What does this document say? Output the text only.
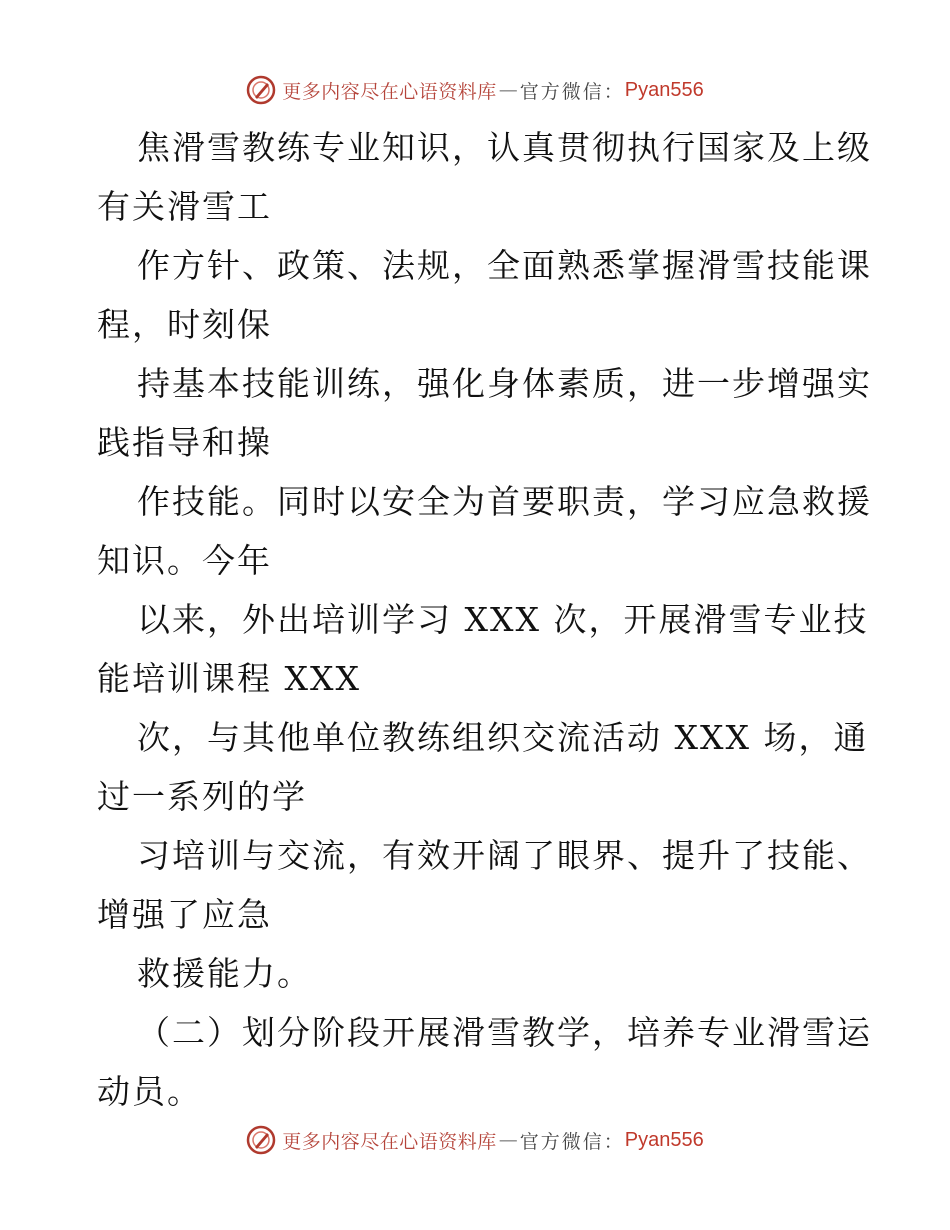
更多内容尽在心语资料库 — 官方微信： Pyan556
焦滑雪教练专业知识，认真贯彻执行国家及上级
有关滑雪工
作方针、政策、法规，全面熟悉掌握滑雪技能课
程，时刻保
持基本技能训练，强化身体素质，进一步增强实
践指导和操
作技能。同时以安全为首要职责，学习应急救援
知识。今年
以来，外出培训学习 XXX 次，开展滑雪专业技
能培训课程 XXX
次，与其他单位教练组织交流活动 XXX 场，通
过一系列的学
习培训与交流，有效开阔了眼界、提升了技能、
增强了应急
救援能力。
（二）划分阶段开展滑雪教学，培养专业滑雪运
动员。
更多内容尽在心语资料库 — 官方微信： Pyan556
